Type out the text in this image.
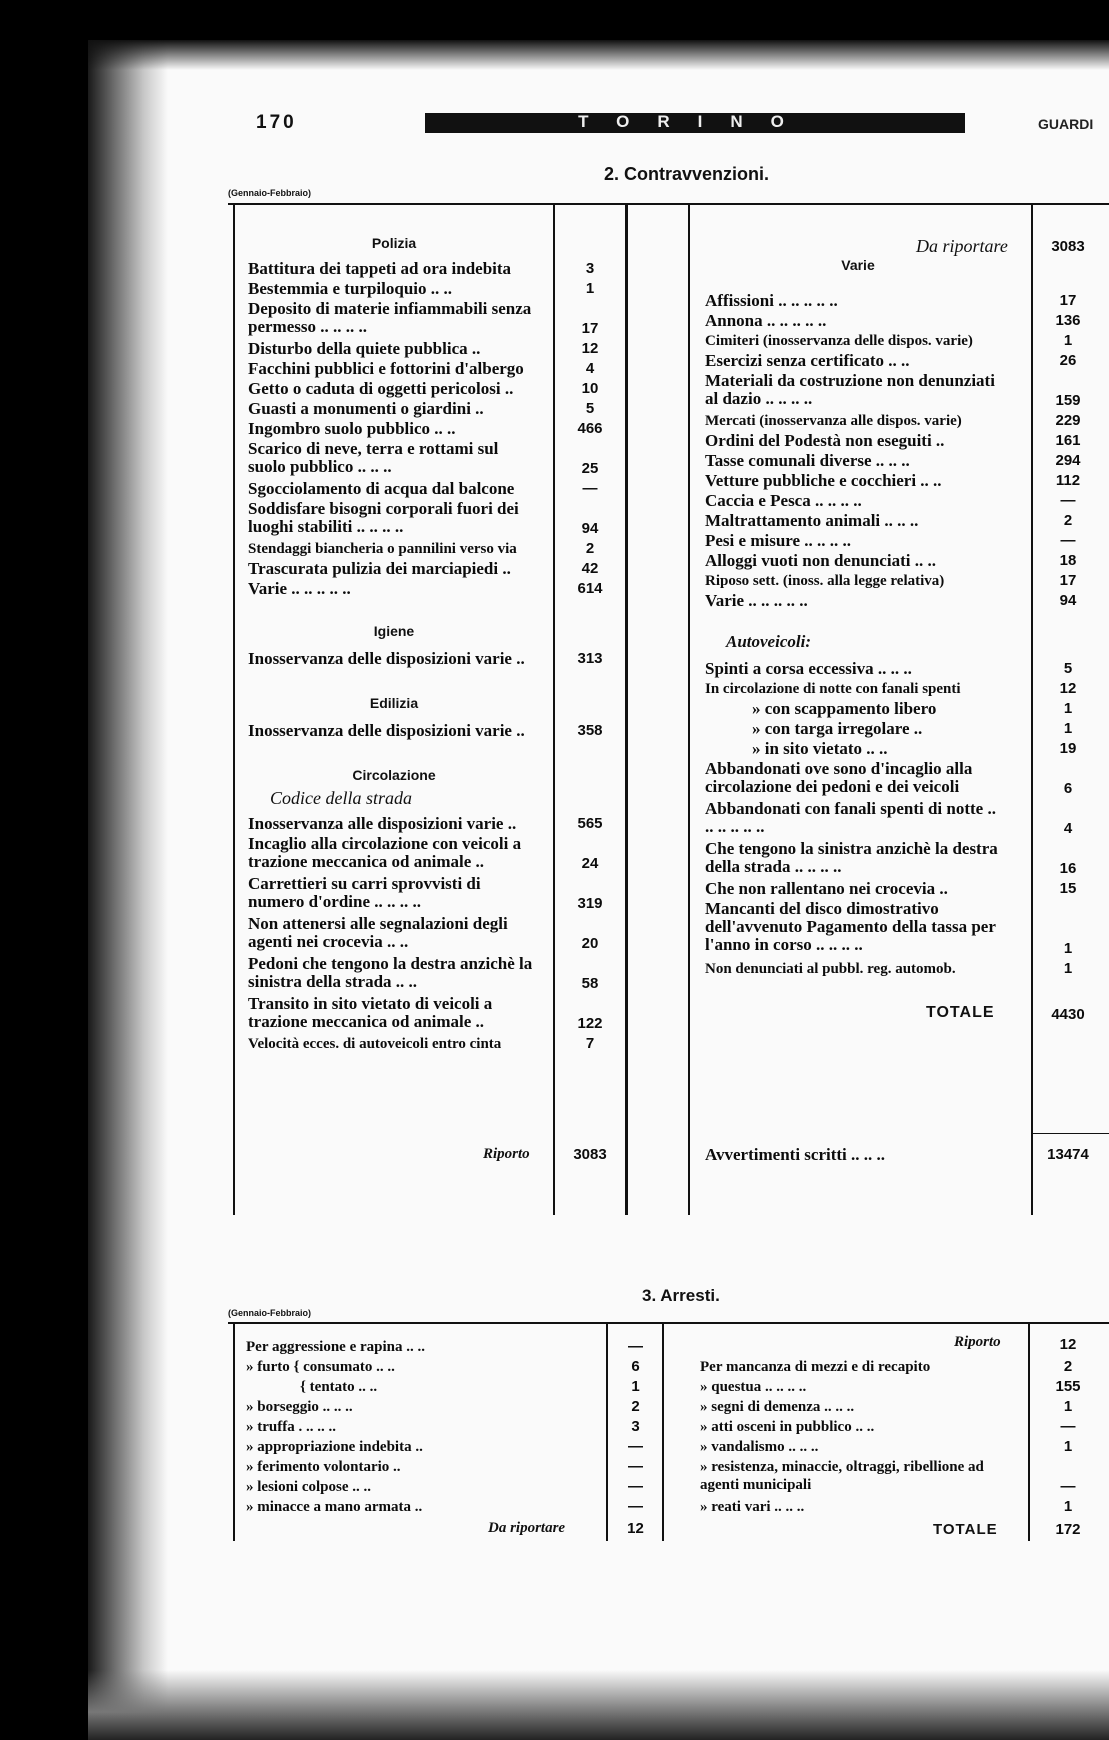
170	TORINO	GUARDI
2. Contravvenzioni.
(Gennaio-Febbraio)
Polizia
Battitura dei tappeti ad ora indebita	3
Bestemmia e turpiloquio .. ..	1
Deposito di materie infiammabili senza permesso .. .. .. ..	17
Disturbo della quiete pubblica ..	12
Facchini pubblici e fottorini d'albergo	4
Getto o caduta di oggetti pericolosi ..	10
Guasti a monumenti o giardini ..	5
Ingombro suolo pubblico .. ..	466
Scarico di neve, terra e rottami sul suolo pubblico .. .. ..	25
Sgocciolamento di acqua dal balcone	—
Soddisfare bisogni corporali fuori dei luoghi stabiliti .. .. .. ..	94
Stendaggi biancheria o pannilini verso via	2
Trascurata pulizia dei marciapiedi ..	42
Varie .. .. .. .. ..	614
Igiene
Inosservanza delle disposizioni varie ..	313
Edilizia
Inosservanza delle disposizioni varie ..	358
Circolazione
Codice della strada
Inosservanza alle disposizioni varie ..	565
Incaglio alla circolazione con veicoli a trazione meccanica od animale ..	24
Carrettieri su carri sprovvisti di numero d'ordine .. .. .. ..	319
Non attenersi alle segnalazioni degli agenti nei crocevia .. ..	20
Pedoni che tengono la destra anzichè la sinistra della strada .. ..	58
Transito in sito vietato di veicoli a trazione meccanica od animale ..	122
Velocità ecces. di autoveicoli entro cinta	7
Riporto	3083
Da riportare	3083
Varie
Affissioni .. .. .. .. ..	17
Annona .. .. .. .. ..	136
Cimiteri (inosservanza delle dispos. varie)	1
Esercizi senza certificato .. ..	26
Materiali da costruzione non denunziati al dazio .. .. .. ..	159
Mercati (inosservanza alle dispos. varie)	229
Ordini del Podestà non eseguiti ..	161
Tasse comunali diverse .. .. ..	294
Vetture pubbliche e cocchieri .. ..	112
Caccia e Pesca .. .. .. ..	—
Maltrattamento animali .. .. ..	2
Pesi e misure .. .. .. ..	—
Alloggi vuoti non denunciati .. ..	18
Riposo sett. (inoss. alla legge relativa)	17
Varie .. .. .. .. ..	94
Autoveicoli:
Spinti a corsa eccessiva .. .. ..	5
In circolazione di notte con fanali spenti	12
» con scappamento libero	1
» con targa irregolare ..	1
» in sito vietato .. ..	19
Abbandonati ove sono d'incaglio alla circolazione dei pedoni e dei veicoli	6
Abbandonati con fanali spenti di notte .. .. .. .. .. ..	4
Che tengono la sinistra anzichè la destra della strada .. .. .. ..	16
Che non rallentano nei crocevia ..	15
Mancanti del disco dimostrativo dell'avvenuto Pagamento della tassa per l'anno in corso .. .. .. ..	1
Non denunciati al pubbl. reg. automob.	1
TOTALE	4430
Avvertimenti scritti .. .. ..	13474
3. Arresti.
(Gennaio-Febbraio)
Per aggressione e rapina .. ..	—
» furto { consumato .. ..	6
{ tentato .. ..	1
» borseggio .. .. ..	2
» truffa . .. .. ..	3
» appropriazione indebita ..	—
» ferimento volontario ..	—
» lesioni colpose .. ..	—
» minacce a mano armata ..	—
Da riportare	12
Riporto	12
Per mancanza di mezzi e di recapito	2
» questua .. .. .. ..	155
» segni di demenza .. .. ..	1
» atti osceni in pubblico .. ..	—
» vandalismo .. .. ..	1
» resistenza, minaccie, oltraggi, ribellione ad agenti municipali	—
» reati vari .. .. ..	1
TOTALE	172
